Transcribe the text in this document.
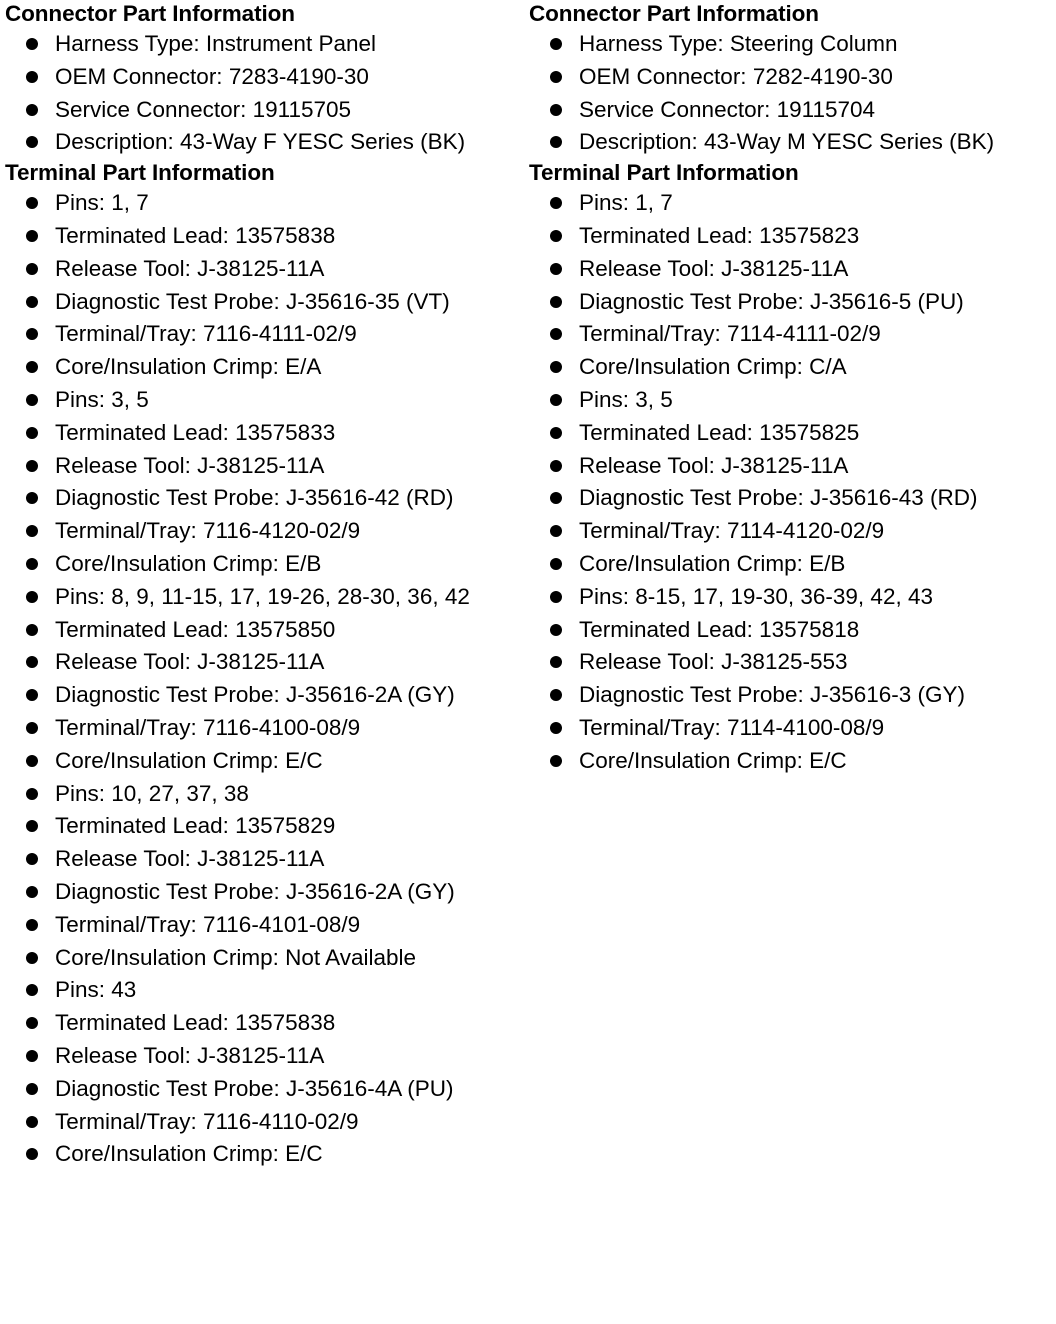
Connector Part Information
Harness Type: Instrument Panel
OEM Connector: 7283-4190-30
Service Connector: 19115705
Description: 43-Way F YESC Series (BK)
Terminal Part Information
Pins: 1, 7
Terminated Lead: 13575838
Release Tool: J-38125-11A
Diagnostic Test Probe: J-35616-35 (VT)
Terminal/Tray: 7116-4111-02/9
Core/Insulation Crimp: E/A
Pins: 3, 5
Terminated Lead: 13575833
Release Tool: J-38125-11A
Diagnostic Test Probe: J-35616-42 (RD)
Terminal/Tray: 7116-4120-02/9
Core/Insulation Crimp: E/B
Pins: 8, 9, 11-15, 17, 19-26, 28-30, 36, 42
Terminated Lead: 13575850
Release Tool: J-38125-11A
Diagnostic Test Probe: J-35616-2A (GY)
Terminal/Tray: 7116-4100-08/9
Core/Insulation Crimp: E/C
Pins: 10, 27, 37, 38
Terminated Lead: 13575829
Release Tool: J-38125-11A
Diagnostic Test Probe: J-35616-2A (GY)
Terminal/Tray: 7116-4101-08/9
Core/Insulation Crimp: Not Available
Pins: 43
Terminated Lead: 13575838
Release Tool: J-38125-11A
Diagnostic Test Probe: J-35616-4A (PU)
Terminal/Tray: 7116-4110-02/9
Core/Insulation Crimp: E/C
Connector Part Information
Harness Type: Steering Column
OEM Connector: 7282-4190-30
Service Connector: 19115704
Description: 43-Way M YESC Series (BK)
Terminal Part Information
Pins: 1, 7
Terminated Lead: 13575823
Release Tool: J-38125-11A
Diagnostic Test Probe: J-35616-5 (PU)
Terminal/Tray: 7114-4111-02/9
Core/Insulation Crimp: C/A
Pins: 3, 5
Terminated Lead: 13575825
Release Tool: J-38125-11A
Diagnostic Test Probe: J-35616-43 (RD)
Terminal/Tray: 7114-4120-02/9
Core/Insulation Crimp: E/B
Pins: 8-15, 17, 19-30, 36-39, 42, 43
Terminated Lead: 13575818
Release Tool: J-38125-553
Diagnostic Test Probe: J-35616-3 (GY)
Terminal/Tray: 7114-4100-08/9
Core/Insulation Crimp: E/C
